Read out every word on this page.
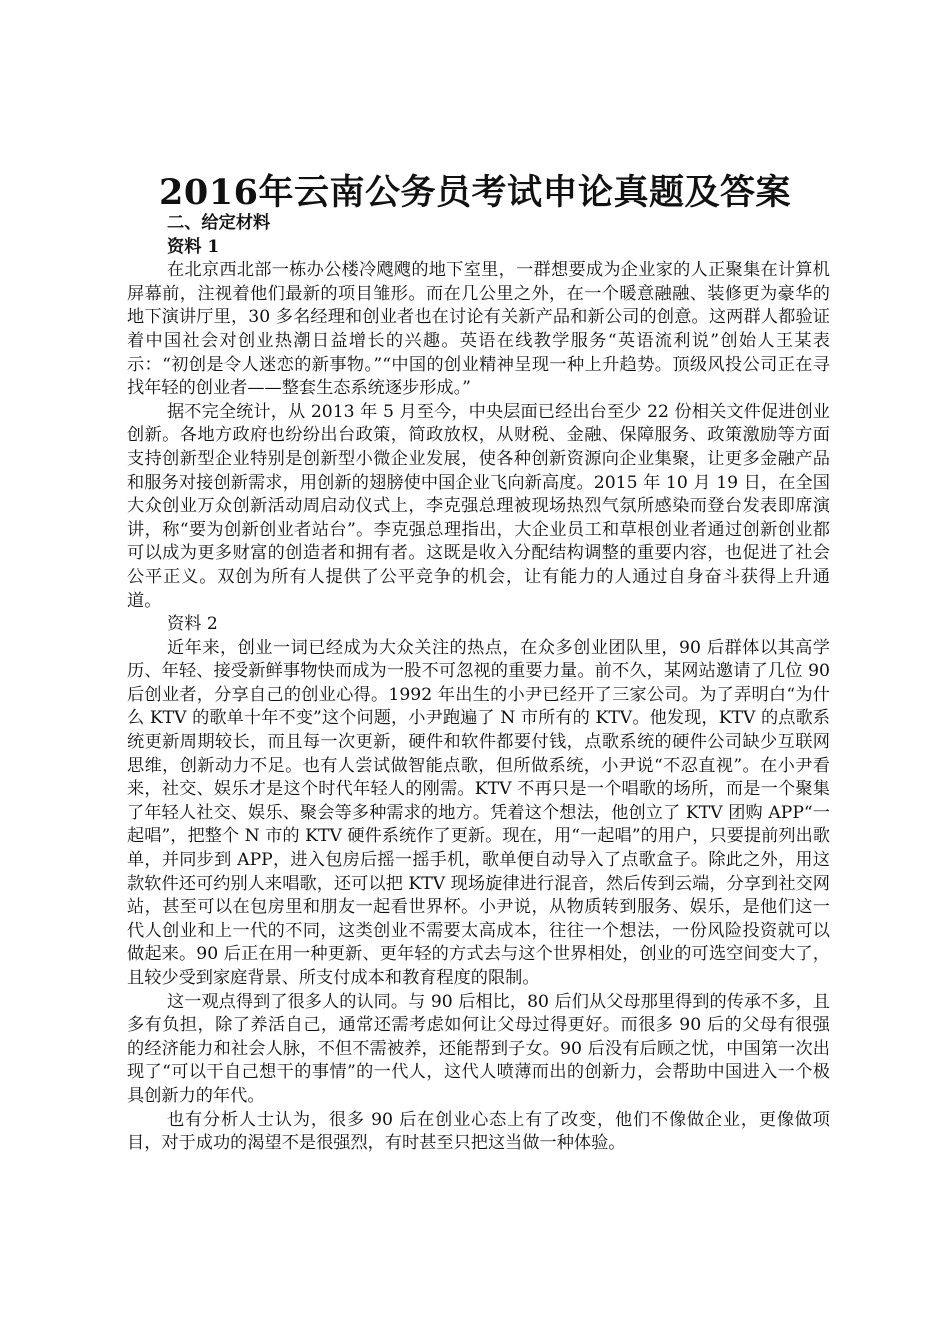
2016年云南公务员考试申论真题及答案

二、给定材料

资料 1

在北京西北部一栋办公楼冷飕飕的地下室里，一群想要成为企业家的人正聚集在计算机屏幕前，注视着他们最新的项目雏形。而在几公里之外，在一个暖意融融、装修更为豪华的地下演讲厅里，30 多名经理和创业者也在讨论有关新产品和新公司的创意。这两群人都验证着中国社会对创业热潮日益增长的兴趣。英语在线教学服务“英语流利说”创始人王某表示：“初创是令人迷恋的新事物。”“中国的创业精神呈现一种上升趋势。顶级风投公司正在寻找年轻的创业者——整套生态系统逐步形成。”

据不完全统计，从 2013 年 5 月至今，中央层面已经出台至少 22 份相关文件促进创业创新。各地方政府也纷纷出台政策，简政放权，从财税、金融、保障服务、政策激励等方面支持创新型企业特别是创新型小微企业发展，使各种创新资源向企业集聚，让更多金融产品和服务对接创新需求，用创新的翅膀使中国企业飞向新高度。2015 年 10 月 19 日，在全国大众创业万众创新活动周启动仪式上，李克强总理被现场热烈气氛所感染而登台发表即席演讲，称“要为创新创业者站台”。李克强总理指出，大企业员工和草根创业者通过创新创业都可以成为更多财富的创造者和拥有者。这既是收入分配结构调整的重要内容，也促进了社会公平正义。双创为所有人提供了公平竞争的机会，让有能力的人通过自身奋斗获得上升通道。

资料 2

近年来，创业一词已经成为大众关注的热点，在众多创业团队里，90 后群体以其高学历、年轻、接受新鲜事物快而成为一股不可忽视的重要力量。前不久，某网站邀请了几位 90 后创业者，分享自己的创业心得。1992 年出生的小尹已经开了三家公司。为了弄明白“为什么 KTV 的歌单十年不变”这个问题，小尹跑遍了 N 市所有的 KTV。他发现，KTV 的点歌系统更新周期较长，而且每一次更新，硬件和软件都要付钱，点歌系统的硬件公司缺少互联网思维，创新动力不足。也有人尝试做智能点歌，但所做系统，小尹说“不忍直视”。在小尹看来，社交、娱乐才是这个时代年轻人的刚需。KTV 不再只是一个唱歌的场所，而是一个聚集了年轻人社交、娱乐、聚会等多种需求的地方。凭着这个想法，他创立了 KTV 团购 APP“一起唱”，把整个 N 市的 KTV 硬件系统作了更新。现在，用“一起唱”的用户，只要提前列出歌单，并同步到 APP，进入包房后摇一摇手机，歌单便自动导入了点歌盒子。除此之外，用这款软件还可约别人来唱歌，还可以把 KTV 现场旋律进行混音，然后传到云端，分享到社交网站，甚至可以在包房里和朋友一起看世界杯。小尹说，从物质转到服务、娱乐，是他们这一代人创业和上一代的不同，这类创业不需要太高成本，往往一个想法，一份风险投资就可以做起来。90 后正在用一种更新、更年轻的方式去与这个世界相处，创业的可选空间变大了，且较少受到家庭背景、所支付成本和教育程度的限制。

这一观点得到了很多人的认同。与 90 后相比，80 后们从父母那里得到的传承不多，且多有负担，除了养活自己，通常还需考虑如何让父母过得更好。而很多 90 后的父母有很强的经济能力和社会人脉，不但不需被养，还能帮到子女。90 后没有后顾之忧，中国第一次出现了“可以干自己想干的事情”的一代人，这代人喷薄而出的创新力，会帮助中国进入一个极具创新力的年代。

也有分析人士认为，很多 90 后在创业心态上有了改变，他们不像做企业，更像做项目，对于成功的渴望不是很强烈，有时甚至只把这当做一种体验。
